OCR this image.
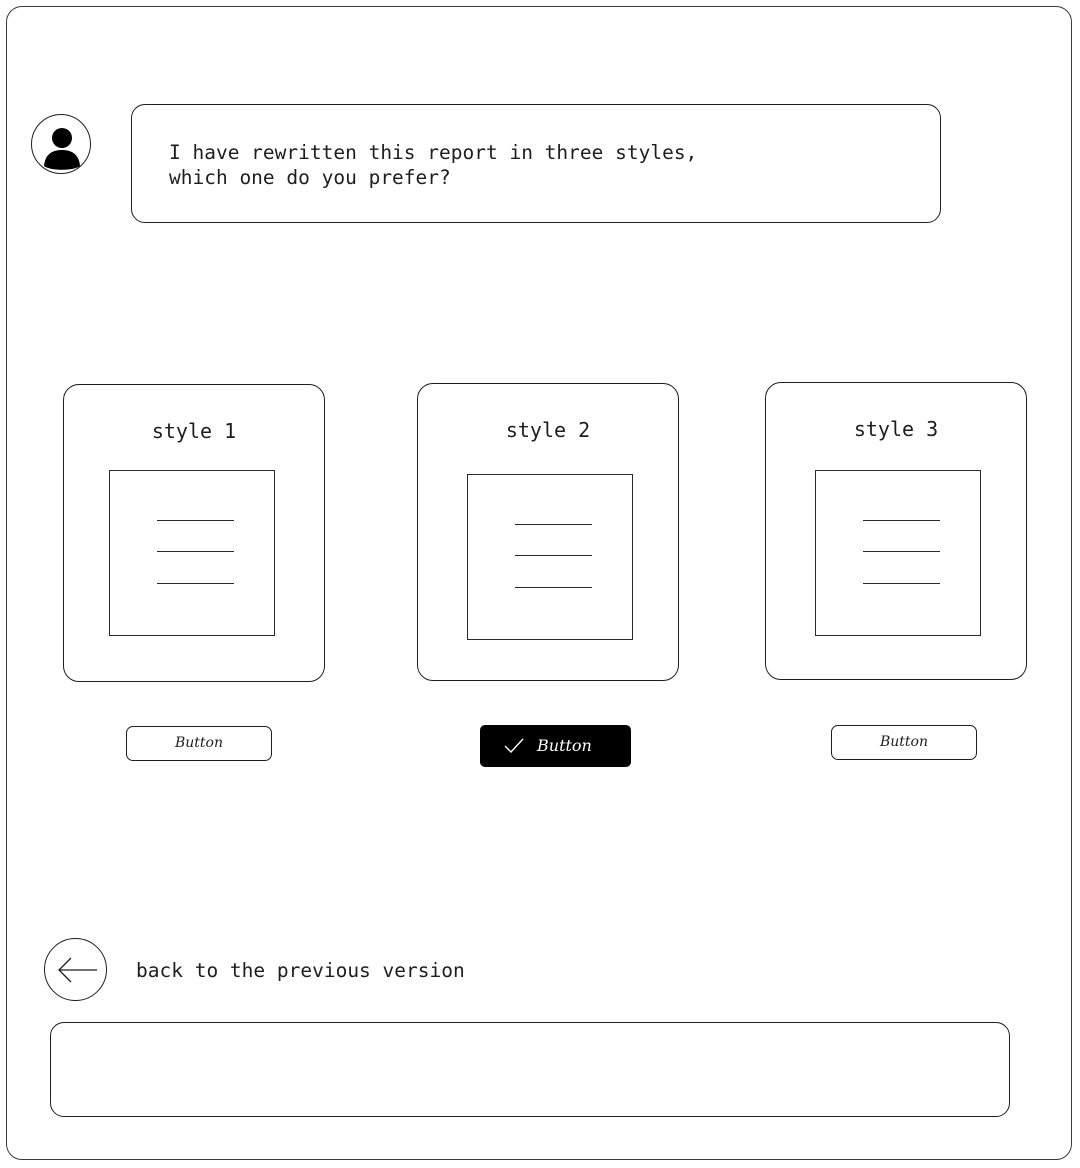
I have rewritten this report in three styles,
which one do you prefer?
style 1	style 2	style 3
Button	Button	Button
back to the previous version
